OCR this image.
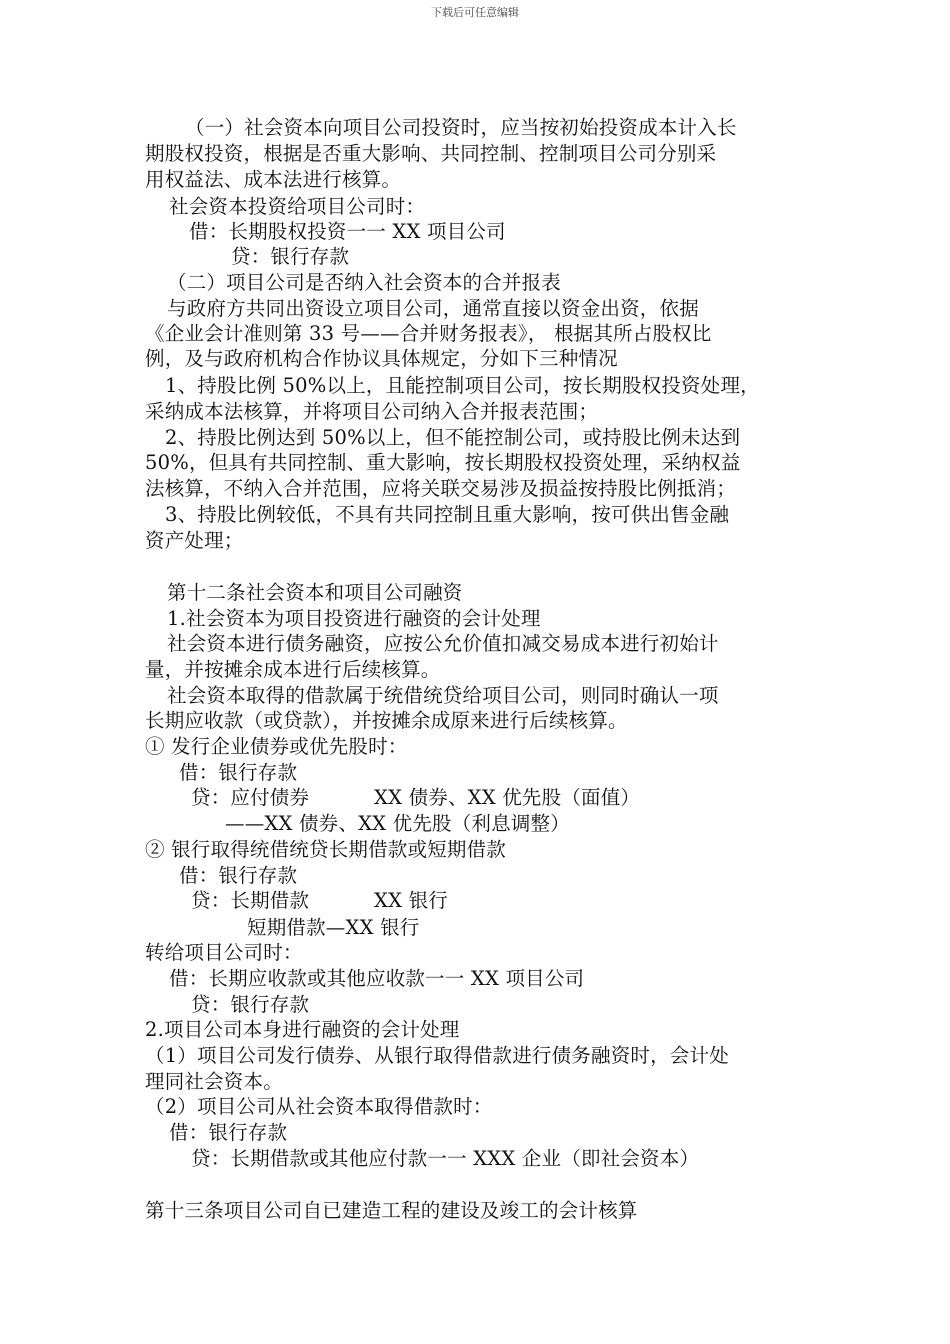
下载后可任意编辑
（一）社会资本向项目公司投资时，应当按初始投资成本计入长
期股权投资，根据是否重大影响、共同控制、控制项目公司分别采
用权益法、成本法进行核算。
社会资本投资给项目公司时：
借：长期股权投资一一 XX 项目公司
贷：银行存款
（二）项目公司是否纳入社会资本的合并报表
与政府方共同出资设立项目公司，通常直接以资金出资，依据
《企业会计准则第 33 号——合并财务报表》， 根据其所占股权比
例，及与政府机构合作协议具体规定，分如下三种情况
1、持股比例 50%以上，且能控制项目公司，按长期股权投资处理，
采纳成本法核算，并将项目公司纳入合并报表范围；
2、持股比例达到 50%以上，但不能控制公司，或持股比例未达到
50%，但具有共同控制、重大影响，按长期股权投资处理，采纳权益
法核算，不纳入合并范围，应将关联交易涉及损益按持股比例抵消；
3、持股比例较低，不具有共同控制且重大影响，按可供出售金融
资产处理；
第十二条社会资本和项目公司融资
1.社会资本为项目投资进行融资的会计处理
社会资本进行债务融资，应按公允价值扣减交易成本进行初始计
量，并按摊余成本进行后续核算。
社会资本取得的借款属于统借统贷给项目公司，则同时确认一项
长期应收款（或贷款），并按摊余成原来进行后续核算。
① 发行企业债券或优先股时：
借：银行存款
贷：应付债券	XX 债券、XX 优先股（面值）
——XX 债券、XX 优先股（利息调整）
② 银行取得统借统贷长期借款或短期借款
借：银行存款
贷：长期借款	XX 银行
短期借款—XX 银行
转给项目公司时：
借：长期应收款或其他应收款一一 XX 项目公司
贷：银行存款
2.项目公司本身进行融资的会计处理
（1）项目公司发行债券、从银行取得借款进行债务融资时，会计处
理同社会资本。
（2）项目公司从社会资本取得借款时：
借：银行存款
贷：长期借款或其他应付款一一 XXX 企业（即社会资本）
第十三条项目公司自已建造工程的建设及竣工的会计核算
